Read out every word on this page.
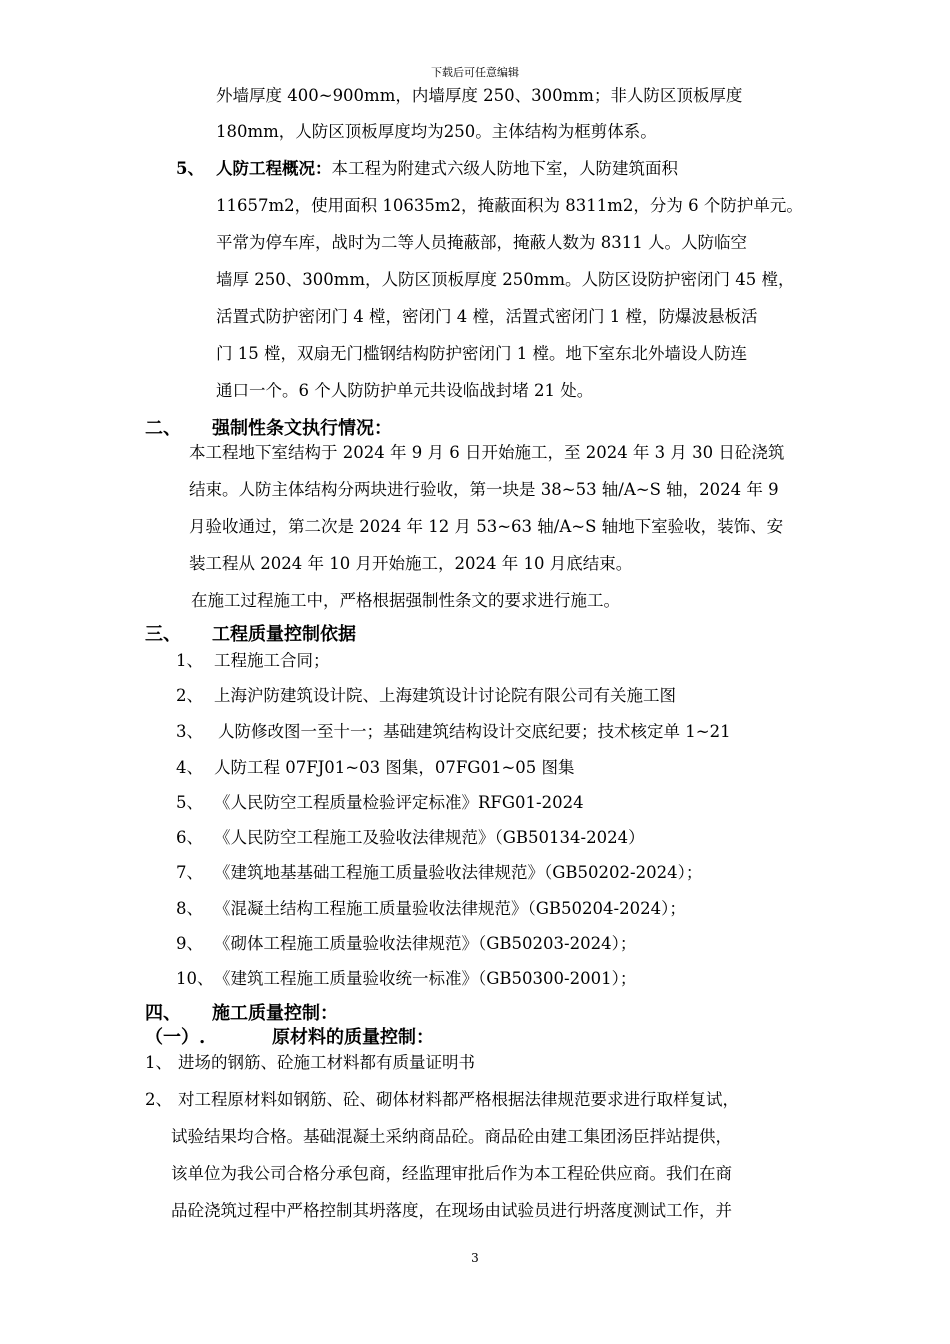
下载后可任意编辑
外墙厚度 400~900mm，内墙厚度 250、300mm；非人防区顶板厚度
180mm，人防区顶板厚度均为250。主体结构为框剪体系。
5、 人防工程概况：本工程为附建式六级人防地下室，人防建筑面积
11657m2，使用面积 10635m2，掩蔽面积为 8311m2，分为 6 个防护单元。
平常为停车库，战时为二等人员掩蔽部，掩蔽人数为 8311 人。人防临空
墙厚 250、300mm，人防区顶板厚度 250mm。人防区设防护密闭门 45 樘，
活置式防护密闭门 4 樘，密闭门 4 樘，活置式密闭门 1 樘，防爆波悬板活
门 15 樘，双扇无门槛钢结构防护密闭门 1 樘。地下室东北外墙设人防连
通口一个。6 个人防防护单元共设临战封堵 21 处。
二、 强制性条文执行情况：
本工程地下室结构于 2024 年 9 月 6 日开始施工，至 2024 年 3 月 30 日砼浇筑
结束。人防主体结构分两块进行验收，第一块是 38~53 轴/A~S 轴，2024 年 9
月验收通过，第二次是 2024 年 12 月 53~63 轴/A~S 轴地下室验收，装饰、安
装工程从 2024 年 10 月开始施工，2024 年 10 月底结束。
在施工过程施工中，严格根据强制性条文的要求进行施工。
三、 工程质量控制依据
1、 工程施工合同；
2、 上海沪防建筑设计院、上海建筑设计讨论院有限公司有关施工图
3、 人防修改图一至十一；基础建筑结构设计交底纪要；技术核定单 1~21
4、 人防工程 07FJ01~03 图集，07FG01~05 图集
5、 《人民防空工程质量检验评定标准》RFG01-2024
6、 《人民防空工程施工及验收法律规范》（GB50134-2024）
7、 《建筑地基基础工程施工质量验收法律规范》（GB50202-2024）；
8、 《混凝土结构工程施工质量验收法律规范》（GB50204-2024）；
9、 《砌体工程施工质量验收法律规范》（GB50203-2024）；
10、 《建筑工程施工质量验收统一标准》（GB50300-2001）；
四、 施工质量控制：
（一）.	原材料的质量控制：
1、 进场的钢筋、砼施工材料都有质量证明书
2、 对工程原材料如钢筋、砼、砌体材料都严格根据法律规范要求进行取样复试，
试验结果均合格。基础混凝土采纳商品砼。商品砼由建工集团汤臣拌站提供，
该单位为我公司合格分承包商，经监理审批后作为本工程砼供应商。我们在商
品砼浇筑过程中严格控制其坍落度，在现场由试验员进行坍落度测试工作，并
3
